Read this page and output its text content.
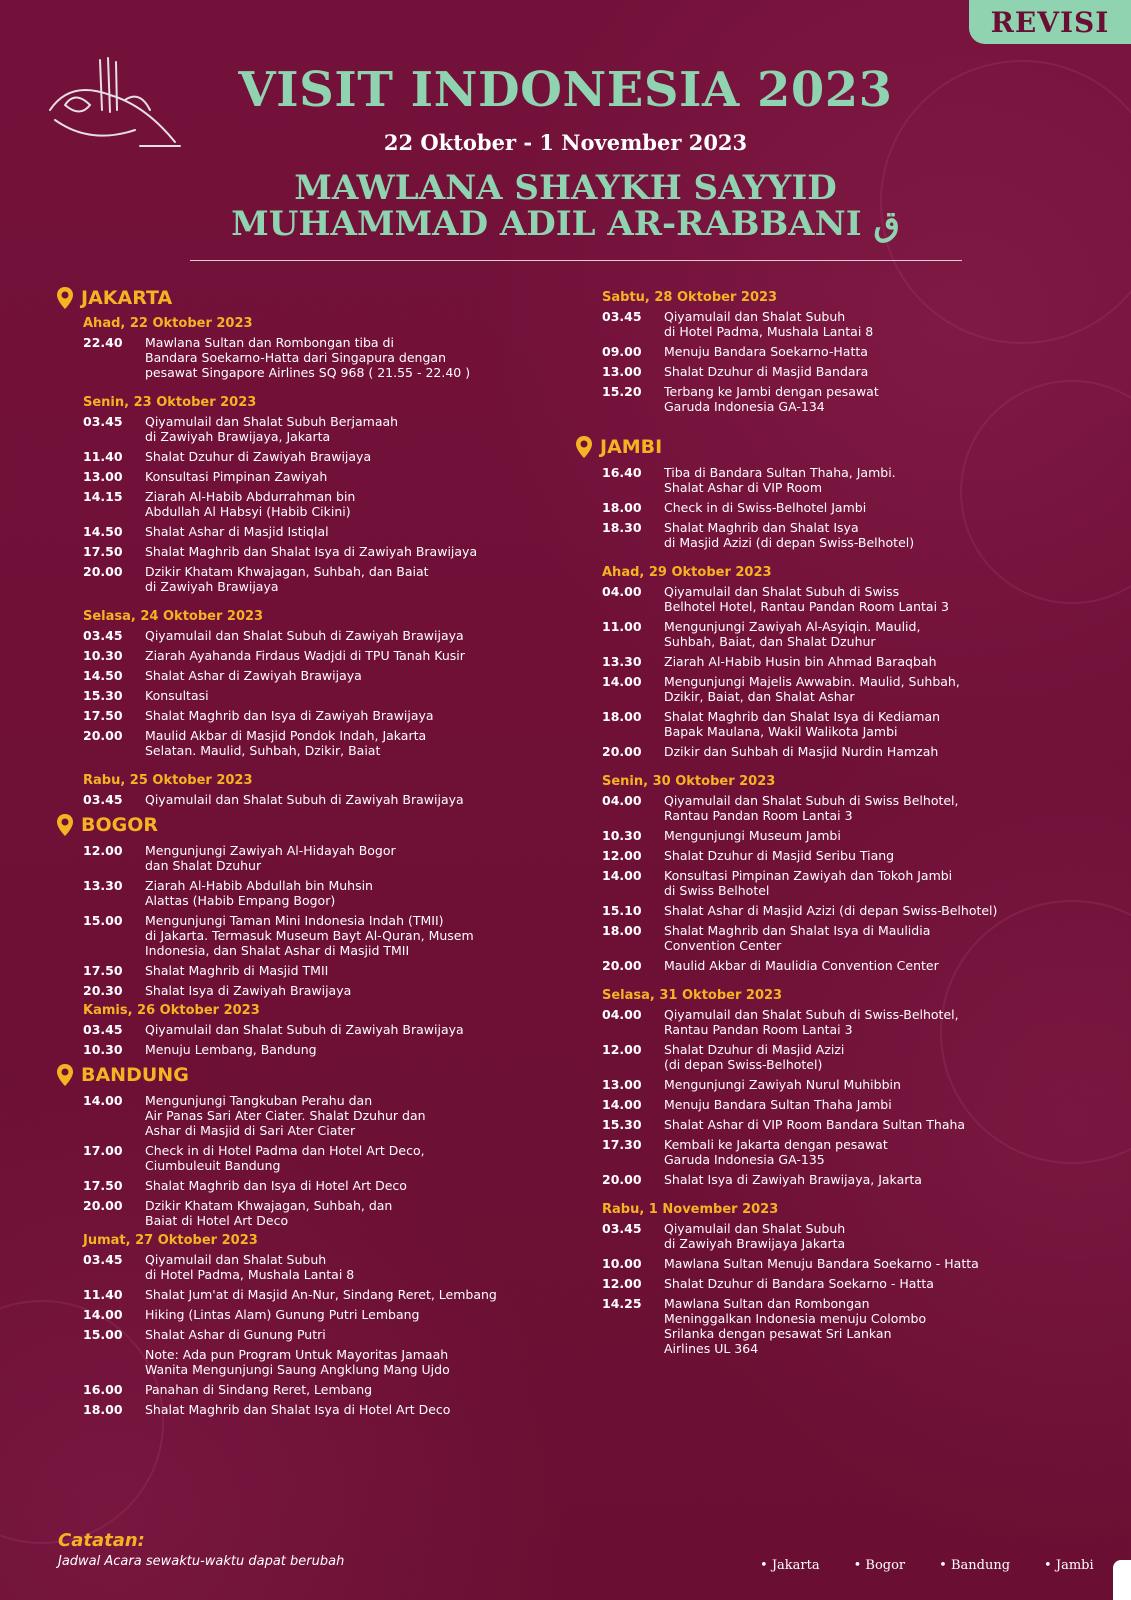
REVISI
VISIT INDONESIA 2023
22 Oktober - 1 November 2023
MAWLANA SHAYKH SAYYID
MUHAMMAD ADIL AR-RABBANI ق
JAKARTA
Ahad, 22 Oktober 2023
22.40	Mawlana Sultan dan Rombongan tiba di
Bandara Soekarno-Hatta dari Singapura dengan
pesawat Singapore Airlines SQ 968 ( 21.55 - 22.40 )
Senin, 23 Oktober 2023
03.45	Qiyamulail dan Shalat Subuh Berjamaah
di Zawiyah Brawijaya, Jakarta
11.40	Shalat Dzuhur di Zawiyah Brawijaya
13.00	Konsultasi Pimpinan Zawiyah
14.15	Ziarah Al-Habib Abdurrahman bin
Abdullah Al Habsyi (Habib Cikini)
14.50	Shalat Ashar di Masjid Istiqlal
17.50	Shalat Maghrib dan Shalat Isya di Zawiyah Brawijaya
20.00	Dzikir Khatam Khwajagan, Suhbah, dan Baiat
di Zawiyah Brawijaya
Selasa, 24 Oktober 2023
03.45	Qiyamulail dan Shalat Subuh di Zawiyah Brawijaya
10.30	Ziarah Ayahanda Firdaus Wadjdi di TPU Tanah Kusir
14.50	Shalat Ashar di Zawiyah Brawijaya
15.30	Konsultasi
17.50	Shalat Maghrib dan Isya di Zawiyah Brawijaya
20.00	Maulid Akbar di Masjid Pondok Indah, Jakarta
Selatan. Maulid, Suhbah, Dzikir, Baiat
Rabu, 25 Oktober 2023
03.45	Qiyamulail dan Shalat Subuh di Zawiyah Brawijaya
BOGOR
12.00	Mengunjungi Zawiyah Al-Hidayah Bogor
dan Shalat Dzuhur
13.30	Ziarah Al-Habib Abdullah bin Muhsin
Alattas (Habib Empang Bogor)
15.00	Mengunjungi Taman Mini Indonesia Indah (TMII)
di Jakarta. Termasuk Museum Bayt Al-Quran, Musem
Indonesia, dan Shalat Ashar di Masjid TMII
17.50	Shalat Maghrib di Masjid TMII
20.30	Shalat Isya di Zawiyah Brawijaya
Kamis, 26 Oktober 2023
03.45	Qiyamulail dan Shalat Subuh di Zawiyah Brawijaya
10.30	Menuju Lembang, Bandung
BANDUNG
14.00	Mengunjungi Tangkuban Perahu dan
Air Panas Sari Ater Ciater. Shalat Dzuhur dan
Ashar di Masjid di Sari Ater Ciater
17.00	Check in di Hotel Padma dan Hotel Art Deco,
Ciumbuleuit Bandung
17.50	Shalat Maghrib dan Isya di Hotel Art Deco
20.00	Dzikir Khatam Khwajagan, Suhbah, dan
Baiat di Hotel Art Deco
Jumat, 27 Oktober 2023
03.45	Qiyamulail dan Shalat Subuh
di Hotel Padma, Mushala Lantai 8
11.40	Shalat Jum'at di Masjid An-Nur, Sindang Reret, Lembang
14.00	Hiking (Lintas Alam) Gunung Putri Lembang
15.00	Shalat Ashar di Gunung Putri
Note: Ada pun Program Untuk Mayoritas Jamaah
Wanita Mengunjungi Saung Angklung Mang Ujdo
16.00	Panahan di Sindang Reret, Lembang
18.00	Shalat Maghrib dan Shalat Isya di Hotel Art Deco
Sabtu, 28 Oktober 2023
03.45	Qiyamulail dan Shalat Subuh
di Hotel Padma, Mushala Lantai 8
09.00	Menuju Bandara Soekarno-Hatta
13.00	Shalat Dzuhur di Masjid Bandara
15.20	Terbang ke Jambi dengan pesawat
Garuda Indonesia GA-134
JAMBI
16.40	Tiba di Bandara Sultan Thaha, Jambi.
Shalat Ashar di VIP Room
18.00	Check in di Swiss-Belhotel Jambi
18.30	Shalat Maghrib dan Shalat Isya
di Masjid Azizi (di depan Swiss-Belhotel)
Ahad, 29 Oktober 2023
04.00	Qiyamulail dan Shalat Subuh di Swiss
Belhotel Hotel, Rantau Pandan Room Lantai 3
11.00	Mengunjungi Zawiyah Al-Asyiqin. Maulid,
Suhbah, Baiat, dan Shalat Dzuhur
13.30	Ziarah Al-Habib Husin bin Ahmad Baraqbah
14.00	Mengunjungi Majelis Awwabin. Maulid, Suhbah,
Dzikir, Baiat, dan Shalat Ashar
18.00	Shalat Maghrib dan Shalat Isya di Kediaman
Bapak Maulana, Wakil Walikota Jambi
20.00	Dzikir dan Suhbah di Masjid Nurdin Hamzah
Senin, 30 Oktober 2023
04.00	Qiyamulail dan Shalat Subuh di Swiss Belhotel,
Rantau Pandan Room Lantai 3
10.30	Mengunjungi Museum Jambi
12.00	Shalat Dzuhur di Masjid Seribu Tiang
14.00	Konsultasi Pimpinan Zawiyah dan Tokoh Jambi
di Swiss Belhotel
15.10	Shalat Ashar di Masjid Azizi (di depan Swiss-Belhotel)
18.00	Shalat Maghrib dan Shalat Isya di Maulidia
Convention Center
20.00	Maulid Akbar di Maulidia Convention Center
Selasa, 31 Oktober 2023
04.00	Qiyamulail dan Shalat Subuh di Swiss-Belhotel,
Rantau Pandan Room Lantai 3
12.00	Shalat Dzuhur di Masjid Azizi
(di depan Swiss-Belhotel)
13.00	Mengunjungi Zawiyah Nurul Muhibbin
14.00	Menuju Bandara Sultan Thaha Jambi
15.30	Shalat Ashar di VIP Room Bandara Sultan Thaha
17.30	Kembali ke Jakarta dengan pesawat
Garuda Indonesia GA-135
20.00	Shalat Isya di Zawiyah Brawijaya, Jakarta
Rabu, 1 November 2023
03.45	Qiyamulail dan Shalat Subuh
di Zawiyah Brawijaya Jakarta
10.00	Mawlana Sultan Menuju Bandara Soekarno - Hatta
12.00	Shalat Dzuhur di Bandara Soekarno - Hatta
14.25	Mawlana Sultan dan Rombongan
Meninggalkan Indonesia menuju Colombo
Srilanka dengan pesawat Sri Lankan
Airlines UL 364
Catatan:
Jadwal Acara sewaktu-waktu dapat berubah	• Jakarta	• Bogor	• Bandung	• Jambi
